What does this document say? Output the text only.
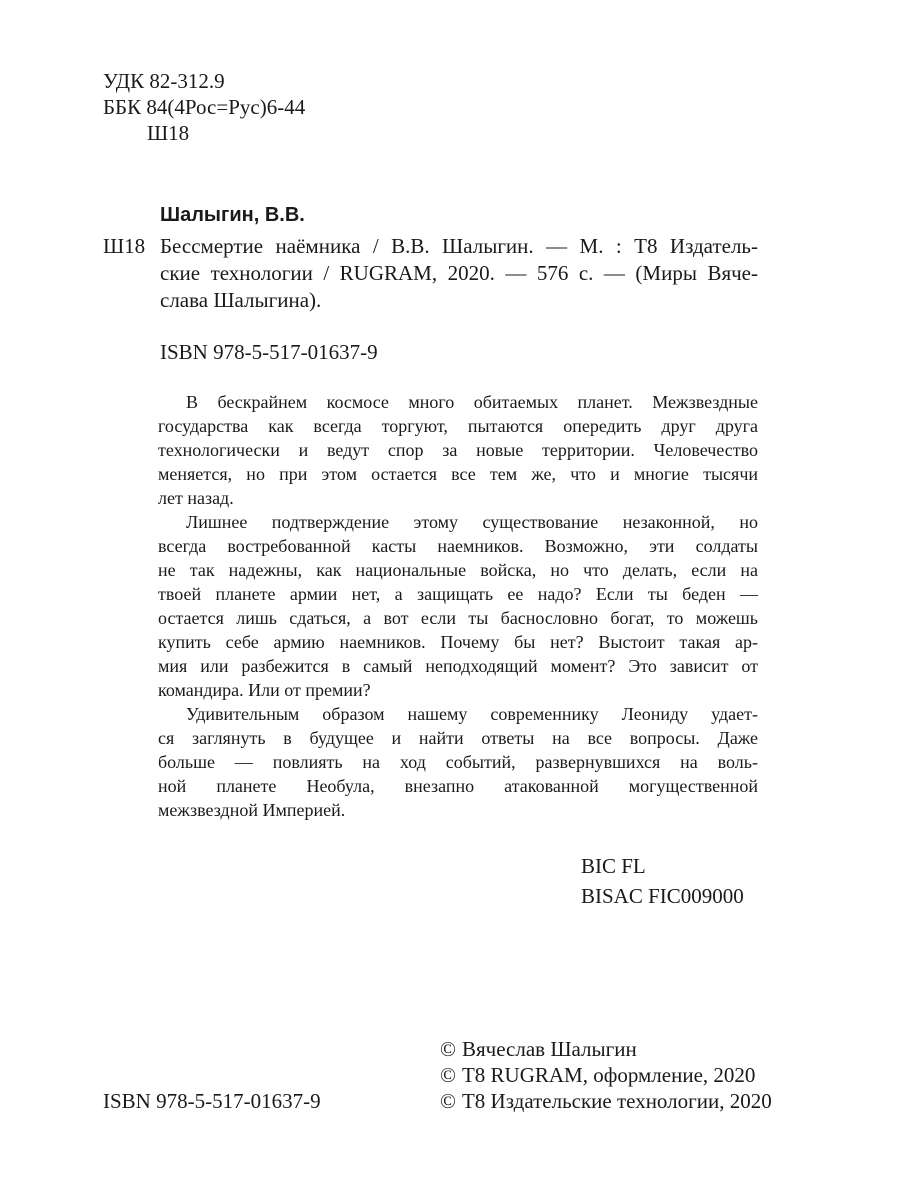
УДК 82-312.9
ББК 84(4Рос=Рус)6-44
Ш18
Шалыгин, В.В.
Ш18 Бессмертие наёмника / В.В. Шалыгин. — М. : Т8 Издатель-
ские технологии / RUGRAM, 2020. — 576 с. — (Миры Вяче-
слава Шалыгина).
ISBN 978-5-517-01637-9
В бескрайнем космосе много обитаемых планет. Межзвездные
государства как всегда торгуют, пытаются опередить друг друга
технологически и ведут спор за новые территории. Человечество
меняется, но при этом остается все тем же, что и многие тысячи
лет назад.
Лишнее подтверждение этому существование незаконной, но
всегда востребованной касты наемников. Возможно, эти солдаты
не так надежны, как национальные войска, но что делать, если на
твоей планете армии нет, а защищать ее надо? Если ты беден —
остается лишь сдаться, а вот если ты баснословно богат, то можешь
купить себе армию наемников. Почему бы нет? Выстоит такая ар-
мия или разбежится в самый неподходящий момент? Это зависит от
командира. Или от премии?
Удивительным образом нашему современнику Леониду удает-
ся заглянуть в будущее и найти ответы на все вопросы. Даже
больше — повлиять на ход событий, развернувшихся на воль-
ной планете Необула, внезапно атакованной могущественной
межзвездной Империей.
BIC FL
BISAC FIC009000
© Вячеслав Шалыгин
© Т8 RUGRAM, оформление, 2020
© Т8 Издательские технологии, 2020
ISBN 978-5-517-01637-9
